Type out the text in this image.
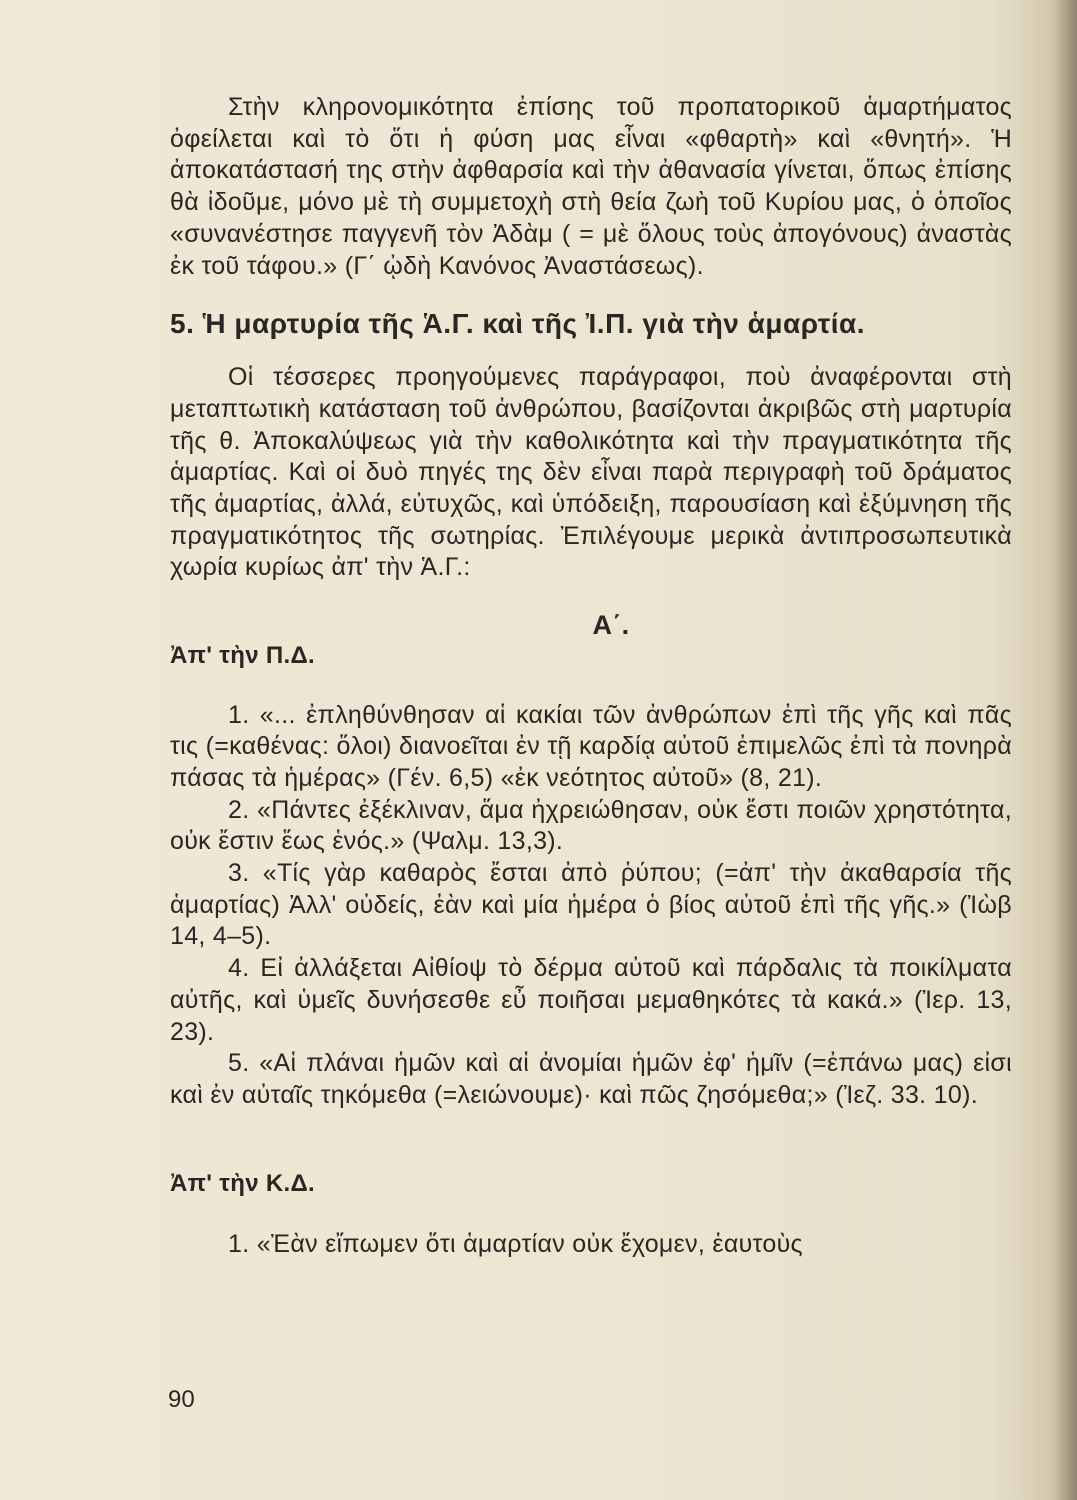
Στὴν κληρονομικότητα ἐπίσης τοῦ προπατορικοῦ ἁμαρτήματος ὀφείλεται καὶ τὸ ὅτι ἡ φύση μας εἶναι «φθαρτὴ» καὶ «θνητή». Ἡ ἀποκατάστασή της στὴν ἀφθαρσία καὶ τὴν ἀθανασία γίνεται, ὅπως ἐπίσης θὰ ἰδοῦμε, μόνο μὲ τὴ συμμετοχὴ στὴ θεία ζωὴ τοῦ Κυρίου μας, ὁ ὁποῖος «συνανέστησε παγγενῆ τὸν Ἀδὰμ ( = μὲ ὅλους τοὺς ἀπογόνους) ἀναστὰς ἐκ τοῦ τάφου.» (Γ΄ ᾠδὴ Κανόνος Ἀναστάσεως).

5. Ἡ μαρτυρία τῆς Ἁ.Γ. καὶ τῆς Ἰ.Π. γιὰ τὴν ἁμαρτία.

Οἱ τέσσερες προηγούμενες παράγραφοι, ποὺ ἀναφέρονται στὴ μεταπτωτικὴ κατάσταση τοῦ ἀνθρώπου, βασίζονται ἀκριβῶς στὴ μαρτυρία τῆς θ. Ἀποκαλύψεως γιὰ τὴν καθολικότητα καὶ τὴν πραγματικότητα τῆς ἁμαρτίας. Καὶ οἱ δυὸ πηγές της δὲν εἶναι παρὰ περιγραφὴ τοῦ δράματος τῆς ἁμαρτίας, ἀλλά, εὐτυχῶς, καὶ ὑπόδειξη, παρουσίαση καὶ ἐξύμνηση τῆς πραγματικότητος τῆς σωτηρίας. Ἐπιλέγουμε μερικὰ ἀντιπροσωπευτικὰ χωρία κυρίως ἀπ' τὴν Ἁ.Γ.:

Α΄.
Ἀπ' τὴν Π.Δ.

1. «... ἐπληθύνθησαν αἱ κακίαι τῶν ἀνθρώπων ἐπὶ τῆς γῆς καὶ πᾶς τις (=καθένας: ὅλοι) διανοεῖται ἐν τῇ καρδίᾳ αὐτοῦ ἐπιμελῶς ἐπὶ τὰ πονηρὰ πάσας τὰ ἡμέρας» (Γέν. 6,5) «ἐκ νεότητος αὐτοῦ» (8, 21).

2. «Πάντες ἐξέκλιναν, ἅμα ἠχρειώθησαν, οὐκ ἔστι ποιῶν χρηστότητα, οὐκ ἔστιν ἕως ἑνός.» (Ψαλμ. 13,3).

3. «Τίς γὰρ καθαρὸς ἔσται ἀπὸ ῥύπου; (=ἀπ' τὴν ἀκαθαρσία τῆς ἁμαρτίας) Ἀλλ' οὐδείς, ἐὰν καὶ μία ἡμέρα ὁ βίος αὐτοῦ ἐπὶ τῆς γῆς.» (Ἰὼβ 14, 4–5).

4. Εἰ ἀλλάξεται Αἰθίοψ τὸ δέρμα αὐτοῦ καὶ πάρδαλις τὰ ποικίλματα αὐτῆς, καὶ ὑμεῖς δυνήσεσθε εὖ ποιῆσαι μεμαθηκότες τὰ κακά.» (Ἰερ. 13, 23).

5. «Αἱ πλάναι ἡμῶν καὶ αἱ ἀνομίαι ἡμῶν ἐφ' ἡμῖν (=ἐπάνω μας) εἰσι καὶ ἐν αὐταῖς τηκόμεθα (=λειώνουμε)· καὶ πῶς ζησόμεθα;» (Ἰεζ. 33. 10).

Ἀπ' τὴν Κ.Δ.

1. «Ἐὰν εἴπωμεν ὅτι ἁμαρτίαν οὐκ ἔχομεν, ἑαυτοὺς

90
